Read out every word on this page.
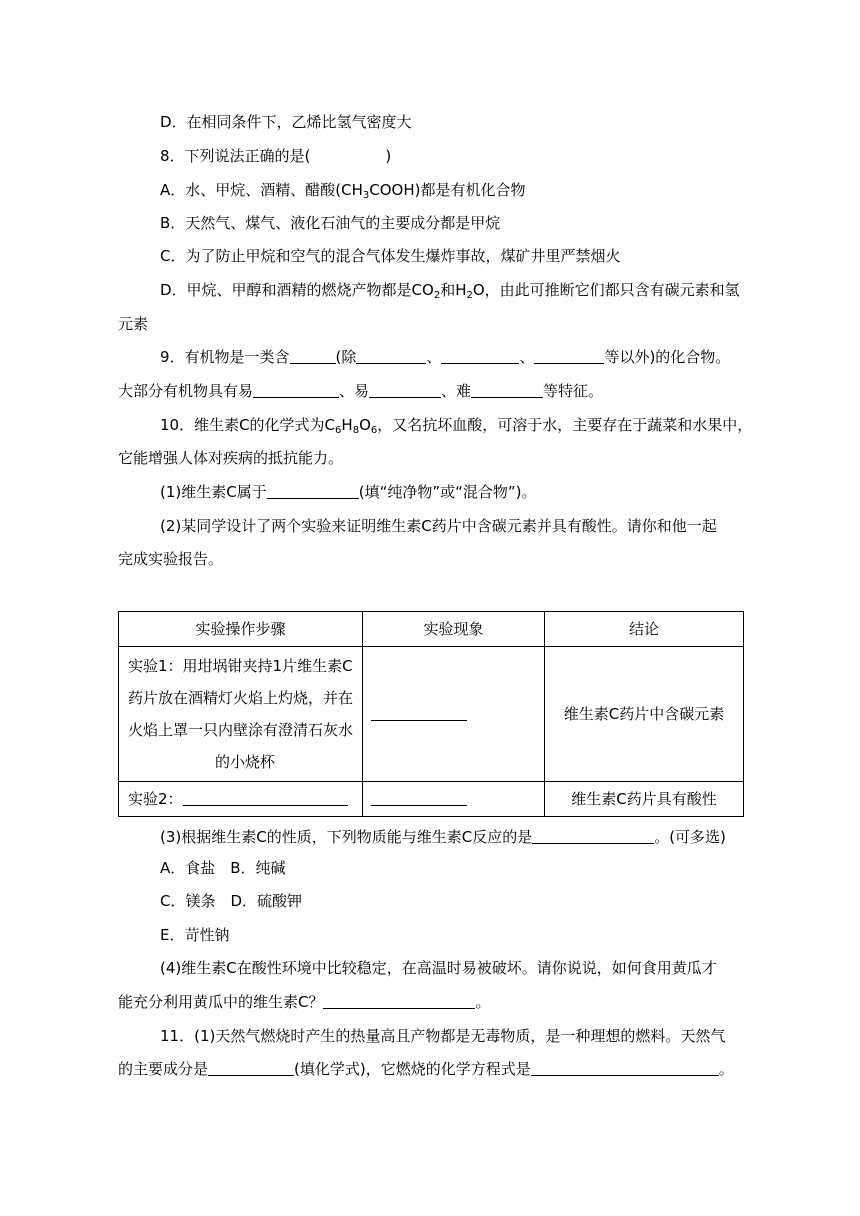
D．在相同条件下，乙烯比氢气密度大
8．下列说法正确的是(　　　　　)
A．水、甲烷、酒精、醋酸$(CH_3COOH)$都是有机化合物
B．天然气、煤气、液化石油气的主要成分都是甲烷
C．为了防止甲烷和空气的混合气体发生爆炸事故，煤矿井里严禁烟火
D．甲烷、甲醇和酒精的燃烧产物都是$CO_2$和$H_2O$，由此可推断它们都只含有碳元素和氢
元素
9．有机物是一类含	(除	、	、	等以外)的化合物。
大部分有机物具有易	、易	、难	等特征。
10．维生素C的化学式为$C_6H_8O_6$，又名抗坏血酸，可溶于水，主要存在于蔬菜和水果中，
它能增强人体对疾病的抵抗能力。
(1)维生素C属于	(填“纯净物”或“混合物”)。
(2)某同学设计了两个实验来证明维生素C药片中含碳元素并具有酸性。请你和他一起
完成实验报告。
实验操作步骤	实验现象	结论

实验1：用坩埚钳夹持1片维生素C
药片放在酒精灯火焰上灼烧，并在
火焰上罩一只内壁涂有澄清石灰水
的小烧杯		维生素C药片中含碳元素
实验2：		维生素C药片具有酸性
(3)根据维生素C的性质，下列物质能与维生素C反应的是	。(可多选)
A．食盐　B．纯碱
C．镁条　D．硫酸钾
E．苛性钠
(4)维生素C在酸性环境中比较稳定，在高温时易被破坏。请你说说，如何食用黄瓜才
能充分利用黄瓜中的维生素C？	。
11．(1)天然气燃烧时产生的热量高且产物都是无毒物质，是一种理想的燃料。天然气
的主要成分是	(填化学式)，它燃烧的化学方程式是	。
